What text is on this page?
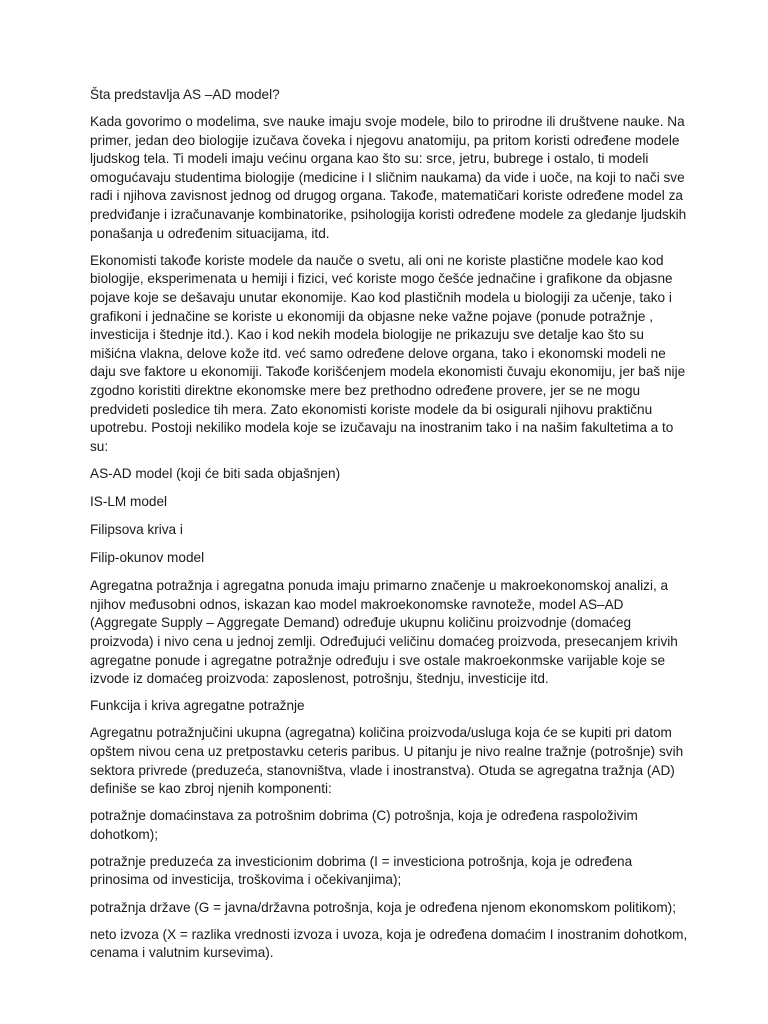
Šta predstavlja AS –AD model?

Kada govorimo o modelima, sve nauke imaju svoje modele, bilo to prirodne ili društvene nauke. Na primer, jedan deo biologije izučava čoveka i njegovu anatomiju, pa pritom koristi određene modele ljudskog tela. Ti modeli imaju većinu organa kao što su: srce, jetru, bubrege i ostalo, ti modeli omogućavaju studentima biologije (medicine i I sličnim naukama) da vide i uoče, na koji to nači sve radi i njihova zavisnost jednog od drugog organa. Takođe, matematičari koriste određene model za predviđanje i izračunavanje kombinatorike, psihologija koristi određene modele za gledanje ljudskih ponašanja u određenim situacijama, itd.

Ekonomisti takođe koriste modele da nauče o svetu, ali oni ne koriste plastične modele kao kod biologije, eksperimenata u hemiji i fizici, već koriste mogo češće jednačine i grafikone da objasne pojave koje se dešavaju unutar ekonomije. Kao kod plastičnih modela u biologiji za učenje, tako i grafikoni i jednačine se koriste u ekonomiji da objasne neke važne pojave (ponude potražnje , investicija i štednje itd.). Kao i kod nekih modela biologije ne prikazuju sve detalje kao što su mišićna vlakna, delove kože itd. već samo određene delove organa, tako i ekonomski modeli ne daju sve faktore u ekonomiji. Takođe korišćenjem modela ekonomisti čuvaju ekonomiju, jer baš nije zgodno koristiti direktne ekonomske mere bez prethodno određene provere, jer se ne mogu predvideti posledice tih mera. Zato ekonomisti koriste modele da bi osigurali njihovu praktičnu upotrebu. Postoji nekiliko modela koje se izučavaju na inostranim tako i na našim fakultetima a to su:

AS-AD model (koji će biti sada objašnjen)

IS-LM model

Filipsova kriva i

Filip-okunov model

Agregatna potražnja i agregatna ponuda imaju primarno značenje u makroekonomskoj analizi, a njihov međusobni odnos, iskazan kao model makroekonomske ravnoteže, model AS–AD (Aggregate Supply – Aggregate Demand) određuje ukupnu količinu proizvodnje (domaćeg proizvoda) i nivo cena u jednoj zemlji. Određujući veličinu domaćeg proizvoda, presecanjem krivih agregatne ponude i agregatne potražnje određuju i sve ostale makroekonmske varijable koje se izvode iz domaćeg proizvoda: zaposlenost, potrošnju, štednju, investicije itd.

Funkcija i kriva agregatne potražnje

Agregatnu potražnjučini ukupna (agregatna) količina proizvoda/usluga koja će se kupiti pri datom opštem nivou cena uz pretpostavku ceteris paribus. U pitanju je nivo realne tražnje (potrošnje) svih sektora privrede (preduzeća, stanovništva, vlade i inostranstva). Otuda se agregatna tražnja (AD) definiše se kao zbroj njenih komponenti:

potražnje domaćinstava za potrošnim dobrima (C) potrošnja, koja je određena raspoloživim dohotkom);

potražnje preduzeća za investicionim dobrima (I = investiciona potrošnja, koja je određena prinosima od investicija, troškovima i očekivanjima);

potražnja države (G = javna/državna potrošnja, koja je određena njenom ekonomskom politikom);

neto izvoza (X = razlika vrednosti izvoza i uvoza, koja je određena domaćim I inostranim dohotkom, cenama i valutnim kursevima).
